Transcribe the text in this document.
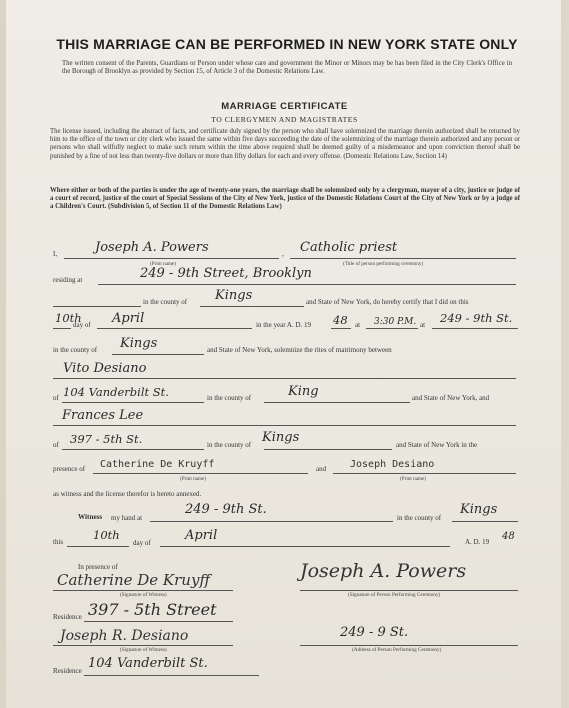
THIS MARRIAGE CAN BE PERFORMED IN NEW YORK STATE ONLY
The written consent of the Parents, Guardians or Person under whose care and government the Minor or Minors may be has been filed in the City Clerk's Office in the Borough of Brooklyn as provided by Section 15, of Article 3 of the Domestic Relations Law.
MARRIAGE CERTIFICATE
TO CLERGYMEN AND MAGISTRATES
The license issued, including the abstract of facts, and certificate duly signed by the person who shall have solemnized the marriage therein authorized shall be returned by him to the office of the town or city clerk who issued the same within five days succeeding the date of the solemnizing of the marriage therein authorized and any person or persons who shall wilfully neglect to make such return within the time above required shall be deemed guilty of a misdemeanor and upon conviction thereof shall be punished by a fine of not less than twenty-five dollars or more than fifty dollars for each and every offense. (Domestic Relations Law, Section 14)
Where either or both of the parties is under the age of twenty-one years, the marriage shall be solemnized only by a clergyman, mayor of a city, justice or judge of a court of record, justice of the court of Special Sessions of the City of New York, justice of the Domestic Relations Court of the City of New York or by a judge of a Children's Court. (Subdivision 5, of Section 11 of the Domestic Relations Law)
I,	Joseph A. Powers
(Print name)
, Catholic priest
(Title of person performing ceremony)
residing at	249 - 9th Street, Brooklyn
in the county of Kings	and State of New York, do hereby certify that I did on this
10th
day of April	in the year A. D. 19 48 at 3:30 P.M. at 249 - 9th St.
in the county of Kings	and State of New York, solemnize the rites of matrimony between
Vito Desiano
of 104 Vanderbilt St.	in the county of	King	and State of New York, and
Frances Lee
of 397 - 5th St.	in the county of Kings	and State of New York in the
presence of Catherine De Kruyff
(Print name)
and Joseph Desiano
(Print name)
as witness and the license therefor is hereto annexed.
Witness my hand at
249 - 9th St.
in the county of
Kings
this	10th
day of	April	A. D. 19 48
In presence of
Catherine De Kruyff
(Signature of Witness)
Joseph A. Powers
(Signature of Person Performing Ceremony)
Residence 397 - 5th Street
Joseph R. Desiano
(Signature of Witness)
249 - 9 St.
(Address of Person Performing Ceremony)
Residence 104 Vanderbilt St.
